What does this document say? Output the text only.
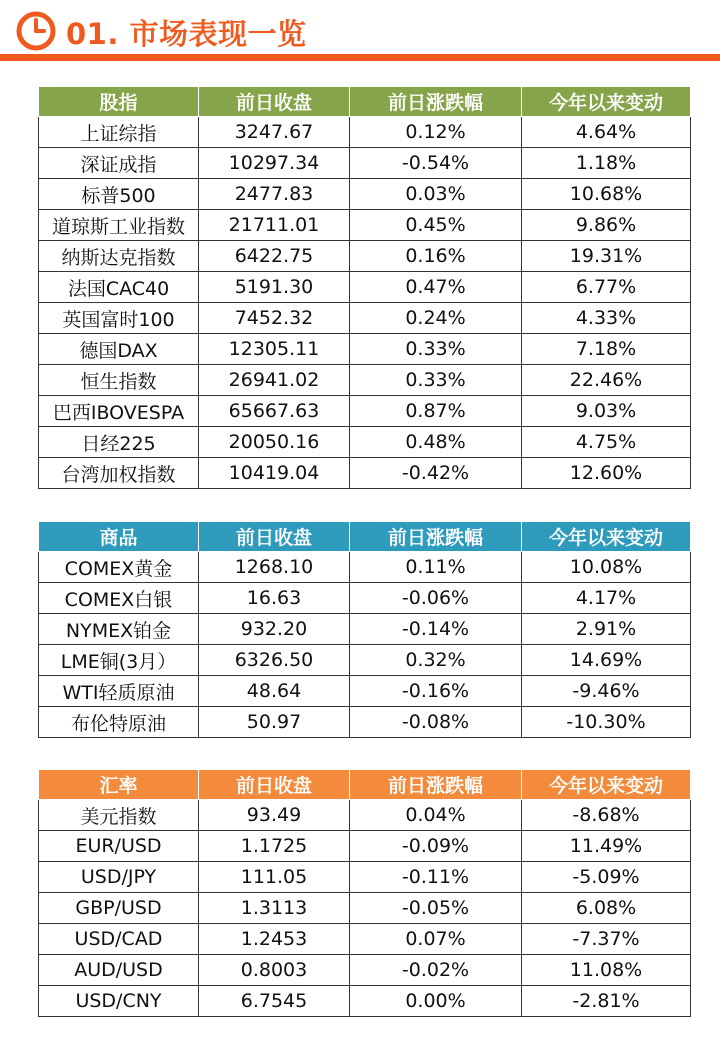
01. 市场表现一览
股指	前日收盘	前日涨跌幅	今年以来变动
上证综指	3247.67	0.12%	4.64%
深证成指	10297.34	-0.54%	1.18%
标普500	2477.83	0.03%	10.68%
道琼斯工业指数	21711.01	0.45%	9.86%
纳斯达克指数	6422.75	0.16%	19.31%
法国CAC40	5191.30	0.47%	6.77%
英国富时100	7452.32	0.24%	4.33%
德国DAX	12305.11	0.33%	7.18%
恒生指数	26941.02	0.33%	22.46%
巴西IBOVESPA	65667.63	0.87%	9.03%
日经225	20050.16	0.48%	4.75%
台湾加权指数	10419.04	-0.42%	12.60%
商品	前日收盘	前日涨跌幅	今年以来变动
COMEX黄金	1268.10	0.11%	10.08%
COMEX白银	16.63	-0.06%	4.17%
NYMEX铂金	932.20	-0.14%	2.91%
LME铜(3月）	6326.50	0.32%	14.69%
WTI轻质原油	48.64	-0.16%	-9.46%
布伦特原油	50.97	-0.08%	-10.30%
汇率	前日收盘	前日涨跌幅	今年以来变动
美元指数	93.49	0.04%	-8.68%
EUR/USD	1.1725	-0.09%	11.49%
USD/JPY	111.05	-0.11%	-5.09%
GBP/USD	1.3113	-0.05%	6.08%
USD/CAD	1.2453	0.07%	-7.37%
AUD/USD	0.8003	-0.02%	11.08%
USD/CNY	6.7545	0.00%	-2.81%
